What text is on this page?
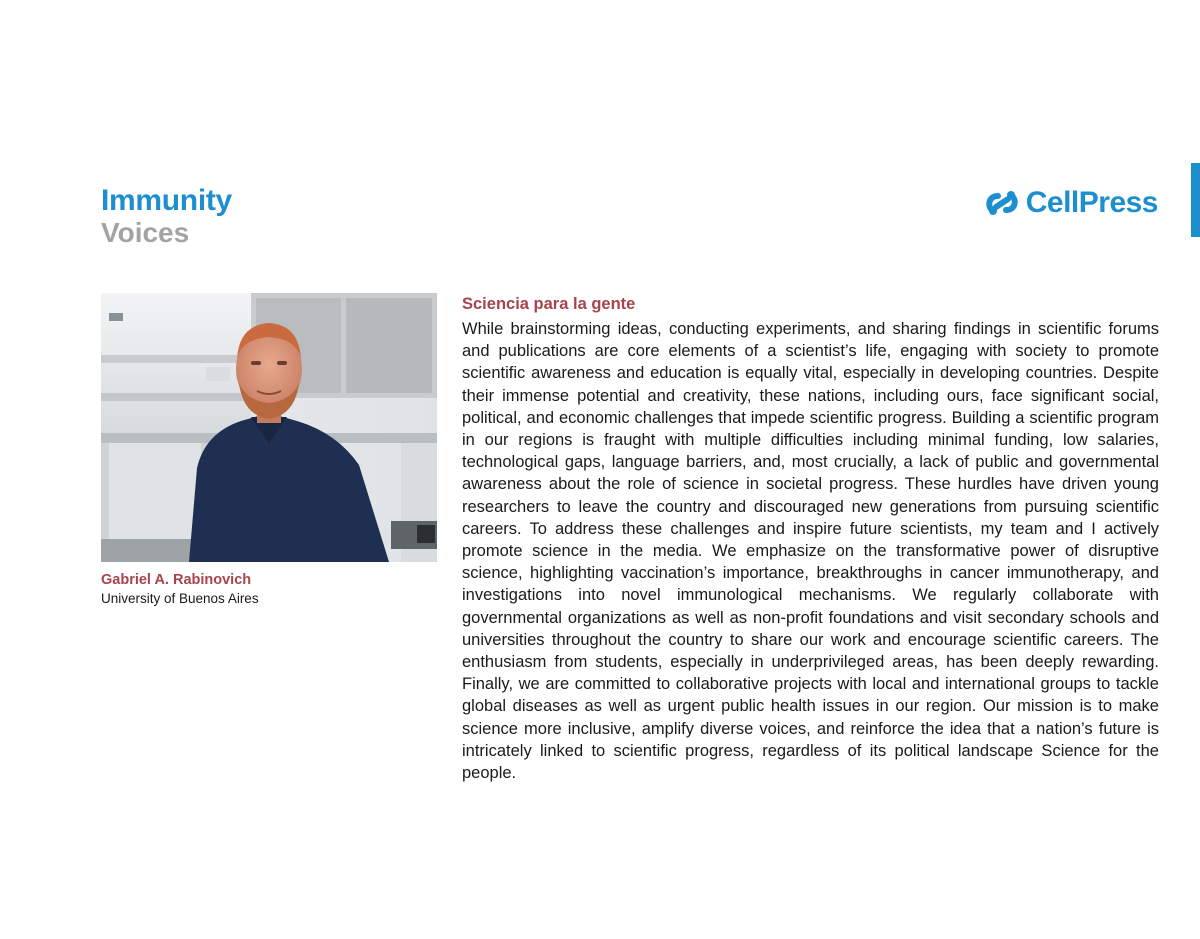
Immunity
Voices
CellPress
Gabriel A. Rabinovich
University of Buenos Aires
Sciencia para la gente

While brainstorming ideas, conducting experiments, and sharing findings in scientific forums and publications are core elements of a scientist’s life, engaging with society to promote scientific awareness and education is equally vital, especially in developing countries. Despite their immense potential and creativity, these nations, including ours, face significant social, political, and economic challenges that impede scientific progress. Building a scientific program in our regions is fraught with multiple difficulties including minimal funding, low salaries, technological gaps, language barriers, and, most crucially, a lack of public and governmental awareness about the role of science in societal progress. These hurdles have driven young researchers to leave the country and discouraged new generations from pursuing scientific careers. To address these challenges and inspire future scientists, my team and I actively promote science in the media. We emphasize on the transformative power of disruptive science, highlighting vaccination’s importance, breakthroughs in cancer immunotherapy, and investigations into novel immunological mechanisms. We regularly collaborate with governmental organizations as well as non-profit foundations and visit secondary schools and universities throughout the country to share our work and encourage scientific careers. The enthusiasm from students, especially in underprivileged areas, has been deeply rewarding. Finally, we are committed to collaborative projects with local and international groups to tackle global diseases as well as urgent public health issues in our region. Our mission is to make science more inclusive, amplify diverse voices, and reinforce the idea that a nation’s future is intricately linked to scientific progress, regardless of its political landscape Science for the people.
